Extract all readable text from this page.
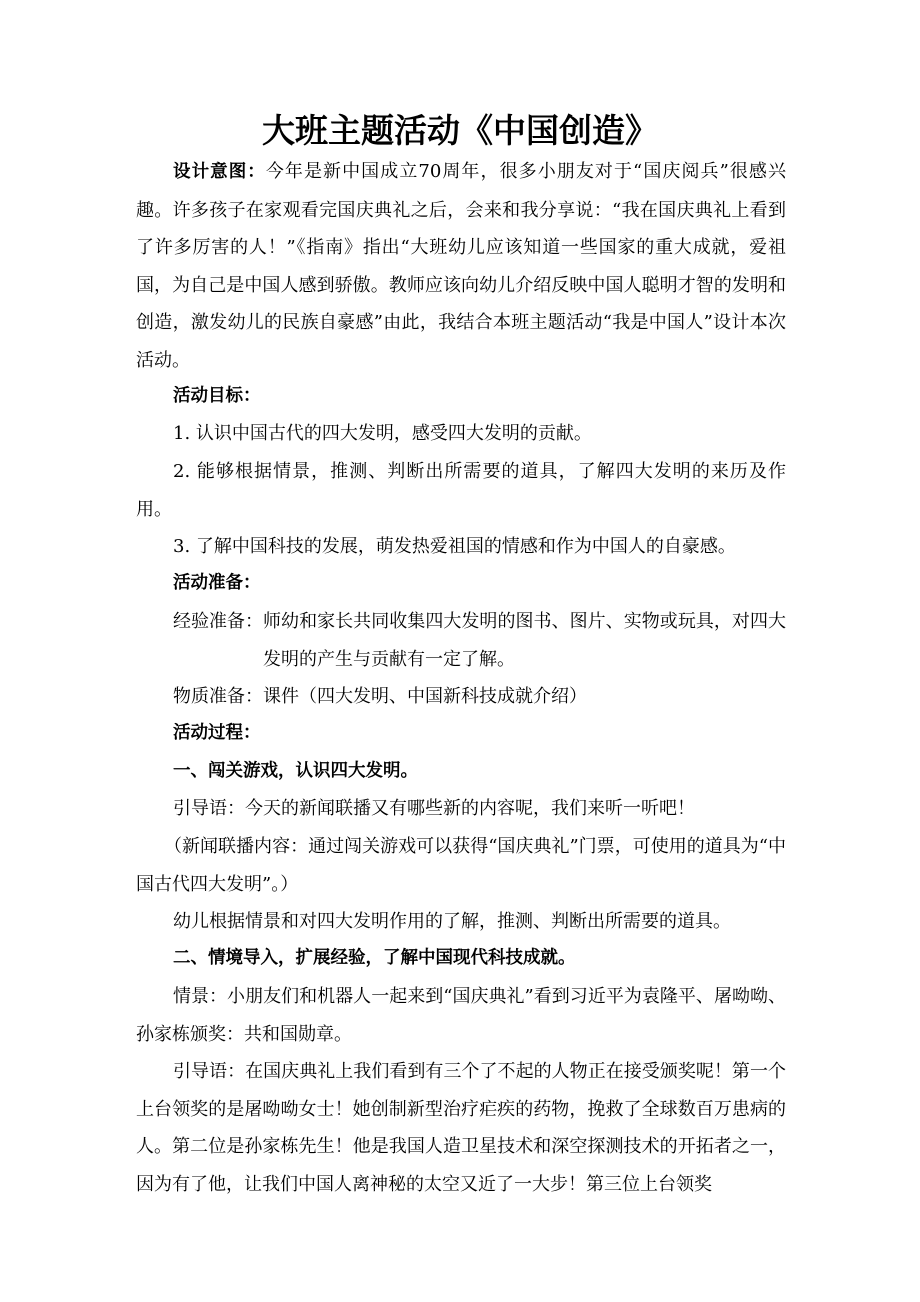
大班主题活动《中国创造》

设计意图：今年是新中国成立70周年，很多小朋友对于“国庆阅兵”很感兴趣。许多孩子在家观看完国庆典礼之后，会来和我分享说：“我在国庆典礼上看到了许多厉害的人！”《指南》指出“大班幼儿应该知道一些国家的重大成就，爱祖国，为自己是中国人感到骄傲。教师应该向幼儿介绍反映中国人聪明才智的发明和创造，激发幼儿的民族自豪感”由此，我结合本班主题活动“我是中国人”设计本次活动。

活动目标：
1. 认识中国古代的四大发明，感受四大发明的贡献。
2. 能够根据情景，推测、判断出所需要的道具，了解四大发明的来历及作用。
3. 了解中国科技的发展，萌发热爱祖国的情感和作为中国人的自豪感。
活动准备：
经验准备： 师幼和家长共同收集四大发明的图书、图片、实物或玩具，对四大发明的产生与贡献有一定了解。
物质准备： 课件（四大发明、中国新科技成就介绍）
活动过程：
一、闯关游戏，认识四大发明。

引导语：今天的新闻联播又有哪些新的内容呢，我们来听一听吧！

（新闻联播内容：通过闯关游戏可以获得“国庆典礼”门票，可使用的道具为“中国古代四大发明”。）

幼儿根据情景和对四大发明作用的了解，推测、判断出所需要的道具。

二、情境导入，扩展经验，了解中国现代科技成就。

情景：小朋友们和机器人一起来到“国庆典礼”看到习近平为袁隆平、屠呦呦、孙家栋颁奖：共和国勋章。

引导语：在国庆典礼上我们看到有三个了不起的人物正在接受颁奖呢！第一个上台领奖的是屠呦呦女士！她创制新型治疗疟疾的药物，挽救了全球数百万患病的人。第二位是孙家栋先生！他是我国人造卫星技术和深空探测技术的开拓者之一，因为有了他，让我们中国人离神秘的太空又近了一大步！第三位上台领奖
